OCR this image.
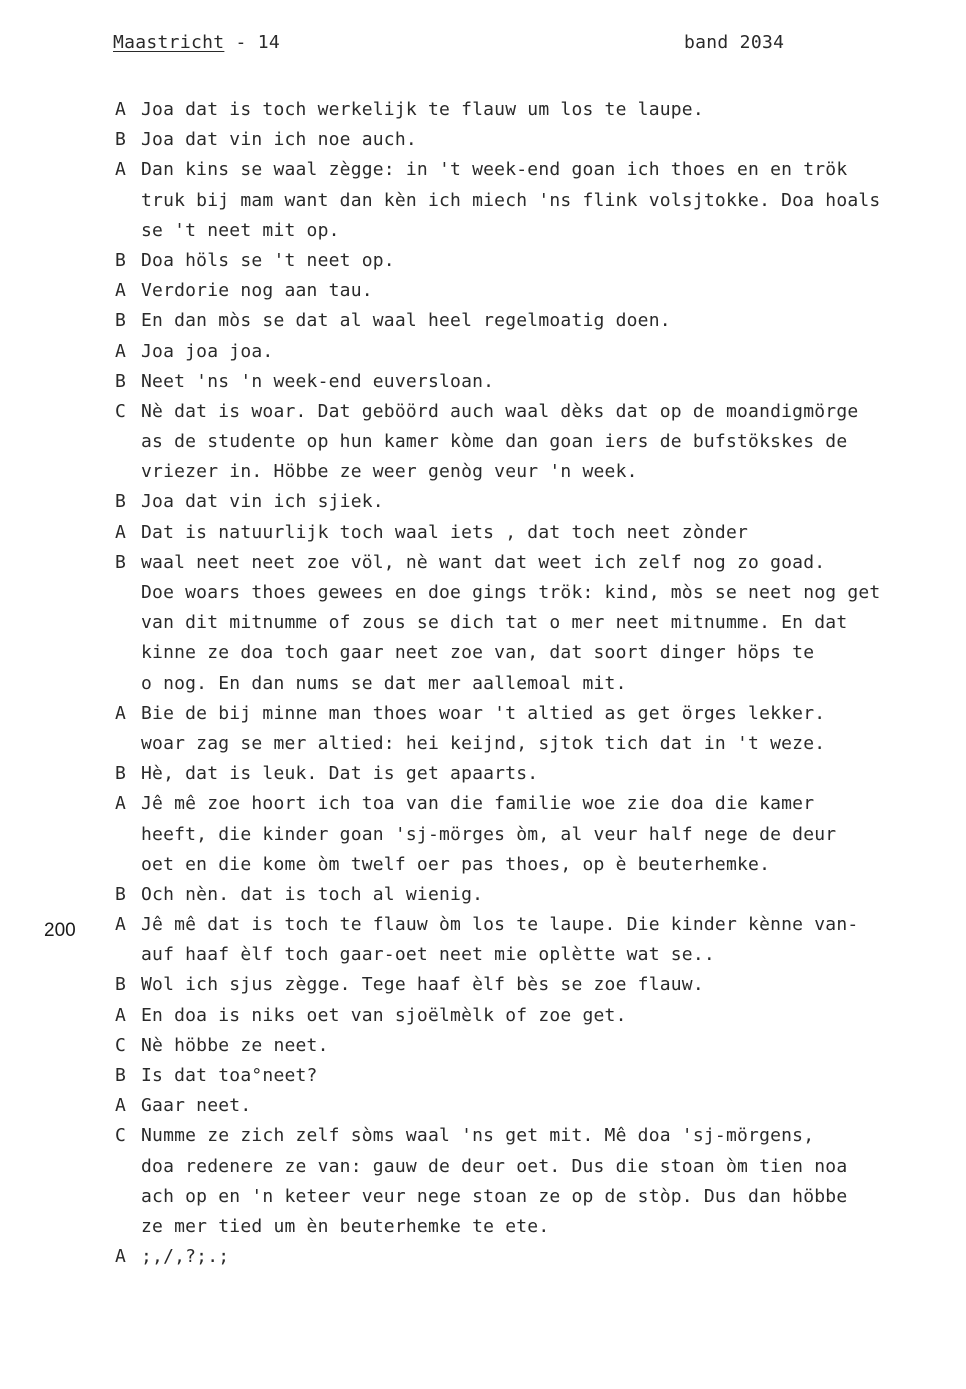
Maastricht - 14	band 2034
200
A Joa dat is toch werkelijk te flauw um los te laupe.
B Joa dat vin ich noe auch.
A Dan kins se waal zègge: in 't week-end goan ich thoes en en trök
truk bij mam want dan kèn ich miech 'ns flink volsjtokke. Doa hoals
se 't neet mit op.
B Doa höls se 't neet op.
A Verdorie nog aan tau.
B En dan mòs se dat al waal heel regelmoatig doen.
A Joa joa joa.
B Neet 'ns 'n week-end euversloan.
C Nè dat is woar. Dat geböörd auch waal dèks dat op de moandigmörge
as de studente op hun kamer kòme dan goan iers de bufstökskes de
vriezer in. Höbbe ze weer genòg veur 'n week.
B Joa dat vin ich sjiek.
A Dat is natuurlijk toch waal iets , dat toch neet zònder
B waal neet neet zoe völ, nè want dat weet ich zelf nog zo goad.
Doe woars thoes gewees en doe gings trök: kind, mòs se neet nog get
van dit mitnumme of zous se dich tat o mer neet mitnumme. En dat
kinne ze doa toch gaar neet zoe van, dat soort dinger höps te
o nog. En dan nums se dat mer aallemoal mit.
A Bie de bij minne man thoes woar 't altied as get örges lekker.
woar zag se mer altied: hei keijnd, sjtok tich dat in 't weze.
B Hè, dat is leuk. Dat is get apaarts.
A Jê mê zoe hoort ich toa van die familie woe zie doa die kamer
heeft, die kinder goan 'sj-mörges òm, al veur half nege de deur
oet en die kome òm twelf oer pas thoes, op è beuterhemke.
B Och nèn. dat is toch al wienig.
A Jê mê dat is toch te flauw òm los te laupe. Die kinder kènne van-
auf haaf èlf toch gaar-oet neet mie oplètte wat se..
B Wol ich sjus zègge. Tege haaf èlf bès se zoe flauw.
A En doa is niks oet van sjoëlmèlk of zoe get.
C Nè höbbe ze neet.
B Is dat toa°neet?
A Gaar neet.
C Numme ze zich zelf sòms waal 'ns get mit. Mê doa 'sj-mörgens,
doa redenere ze van: gauw de deur oet. Dus die stoan òm tien noa
ach op en 'n keteer veur nege stoan ze op de stòp. Dus dan höbbe
ze mer tied um èn beuterhemke te ete.
A ;,/,?;.;
